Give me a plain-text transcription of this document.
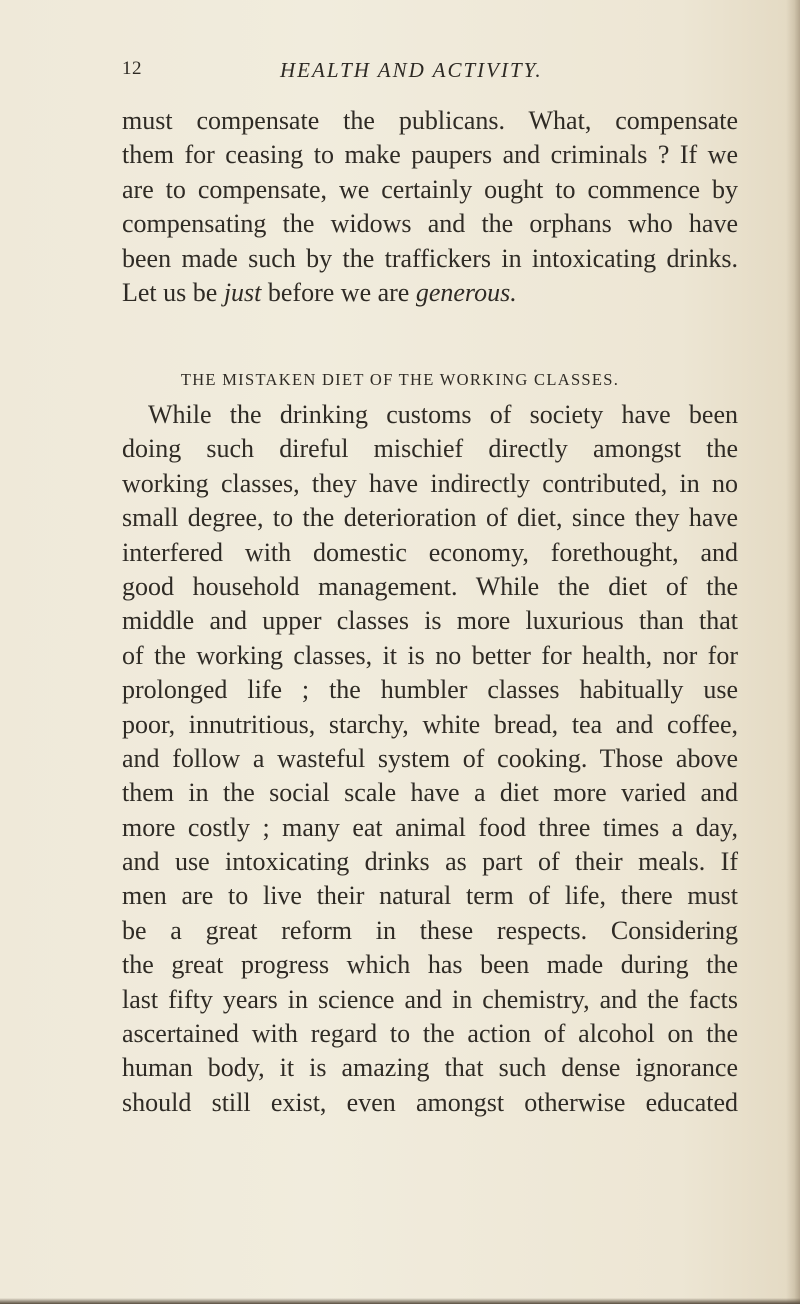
12	HEALTH AND ACTIVITY.
must compensate the publicans. What, compensate
them for ceasing to make paupers and criminals ? If we
are to compensate, we certainly ought to commence by
compensating the widows and the orphans who have
been made such by the traffickers in intoxicating drinks.
Let us be just before we are generous.
THE MISTAKEN DIET OF THE WORKING CLASSES.
While the drinking customs of society have been
doing such direful mischief directly amongst the
working classes, they have indirectly contributed, in no
small degree, to the deterioration of diet, since they have
interfered with domestic economy, forethought, and
good household management. While the diet of the
middle and upper classes is more luxurious than that
of the working classes, it is no better for health, nor for
prolonged life ; the humbler classes habitually use
poor, innutritious, starchy, white bread, tea and coffee,
and follow a wasteful system of cooking. Those above
them in the social scale have a diet more varied and
more costly ; many eat animal food three times a day,
and use intoxicating drinks as part of their meals. If
men are to live their natural term of life, there must
be a great reform in these respects. Considering
the great progress which has been made during the
last fifty years in science and in chemistry, and the facts
ascertained with regard to the action of alcohol on the
human body, it is amazing that such dense ignorance
should still exist, even amongst otherwise educated
